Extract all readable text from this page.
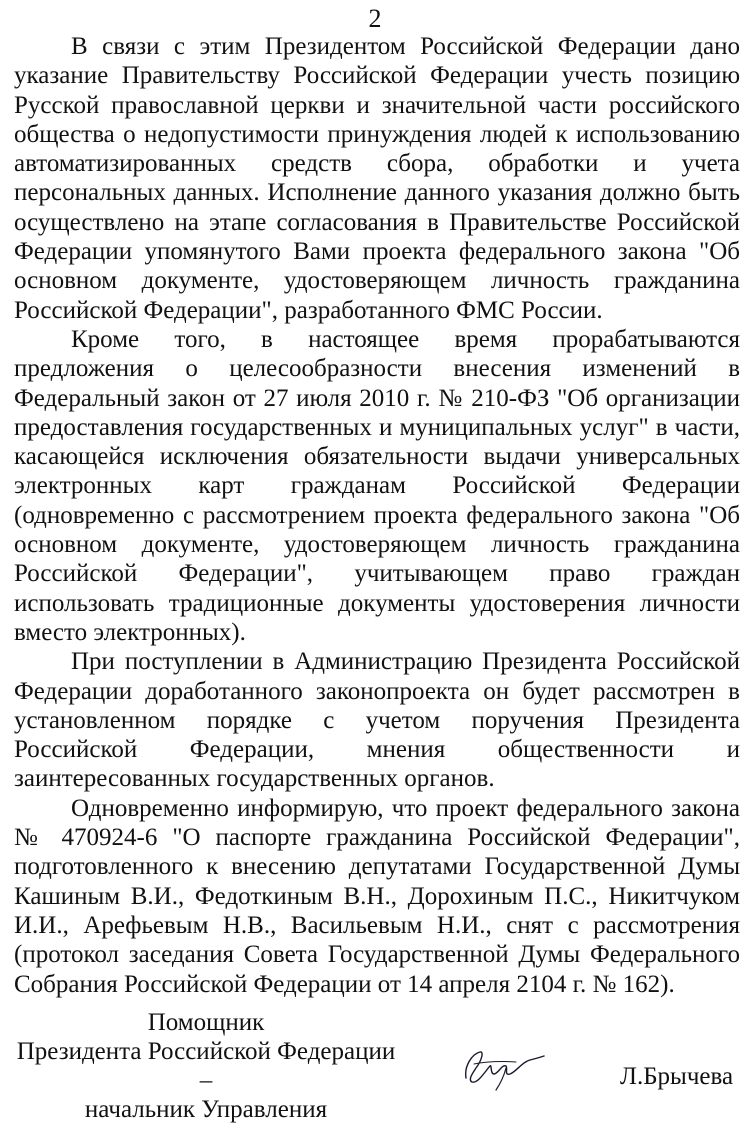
2

В связи с этим Президентом Российской Федерации дано указание Правительству Российской Федерации учесть позицию Русской православной церкви и значительной части российского общества о недопустимости принуждения людей к использованию автоматизированных средств сбора, обработки и учета персональных данных. Исполнение данного указания должно быть осуществлено на этапе согласования в Правительстве Российской Федерации упомянутого Вами проекта федерального закона "Об основном документе, удостоверяющем личность гражданина Российской Федерации", разработанного ФМС России.

Кроме того, в настоящее время прорабатываются предложения о целесообразности внесения изменений в Федеральный закон от 27 июля 2010 г. № 210-ФЗ "Об организации предоставления государственных и муниципальных услуг" в части, касающейся исключения обязательности выдачи универсальных электронных карт гражданам Российской Федерации (одновременно с рассмотрением проекта федерального закона "Об основном документе, удостоверяющем личность гражданина Российской Федерации", учитывающем право граждан использовать традиционные документы удостоверения личности вместо электронных).

При поступлении в Администрацию Президента Российской Федерации доработанного законопроекта он будет рассмотрен в установленном порядке с учетом поручения Президента Российской Федерации, мнения общественности и заинтересованных государственных органов.

Одновременно информирую, что проект федерального закона № 470924-6 "О паспорте гражданина Российской Федерации", подготовленного к внесению депутатами Государственной Думы Кашиным В.И., Федоткиным В.Н., Дорохиным П.С., Никитчуком И.И., Арефьевым Н.В., Васильевым Н.И., снят с рассмотрения (протокол заседания Совета Государственной Думы Федерального Собрания Российской Федерации от 14 апреля 2104 г. № 162).

Помощник
Президента Российской Федерации –
начальник Управления
Л.Брычева
